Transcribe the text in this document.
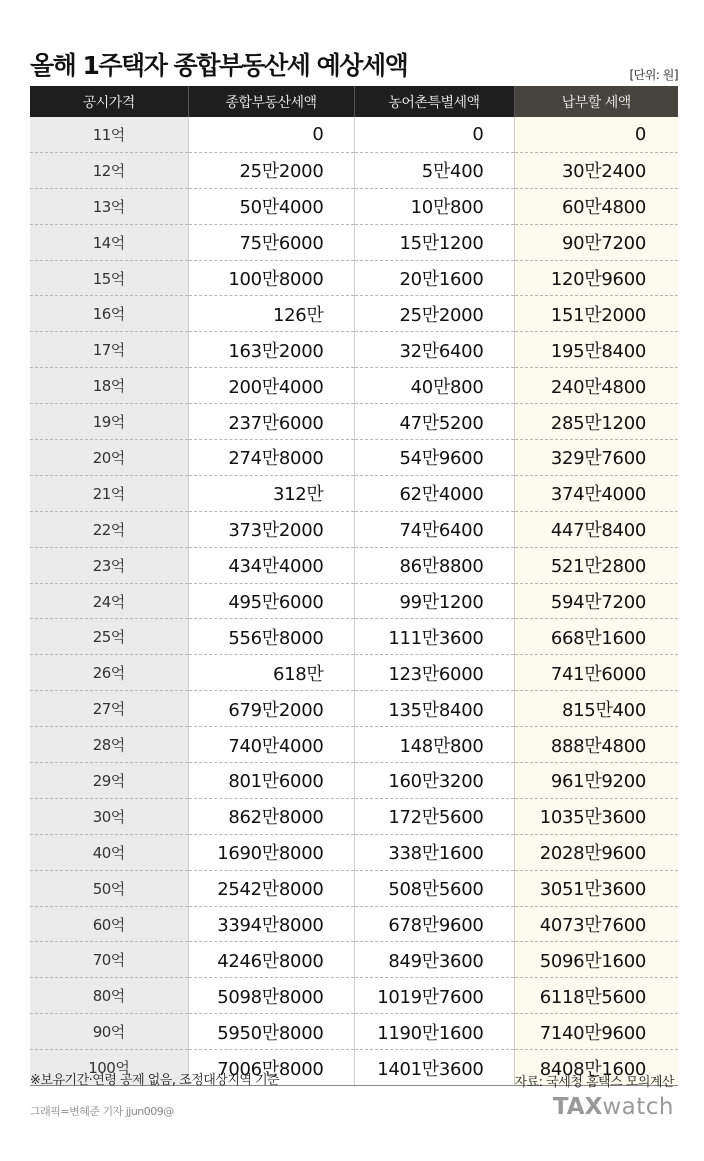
올해 1주택자 종합부동산세 예상세액	[단위: 원]
공시가격	종합부동산세액	농어촌특별세액	납부할 세액
11억	0	0	0
12억	25만2000	5만400	30만2400
13억	50만4000	10만800	60만4800
14억	75만6000	15만1200	90만7200
15억	100만8000	20만1600	120만9600
16억	126만	25만2000	151만2000
17억	163만2000	32만6400	195만8400
18억	200만4000	40만800	240만4800
19억	237만6000	47만5200	285만1200
20억	274만8000	54만9600	329만7600
21억	312만	62만4000	374만4000
22억	373만2000	74만6400	447만8400
23억	434만4000	86만8800	521만2800
24억	495만6000	99만1200	594만7200
25억	556만8000	111만3600	668만1600
26억	618만	123만6000	741만6000
27억	679만2000	135만8400	815만400
28억	740만4000	148만800	888만4800
29억	801만6000	160만3200	961만9200
30억	862만8000	172만5600	1035만3600
40억	1690만8000	338만1600	2028만9600
50억	2542만8000	508만5600	3051만3600
60억	3394만8000	678만9600	4073만7600
70억	4246만8000	849만3600	5096만1600
80억	5098만8000	1019만7600	6118만5600
90억	5950만8000	1190만1600	7140만9600
100억	7006만8000	1401만3600	8408만1600
※보유기간·연령 공제 없음, 조정대상지역 기준	자료: 국세청 홈택스 모의계산
그래픽=변혜준 기자 jjun009@	TAXwatch
